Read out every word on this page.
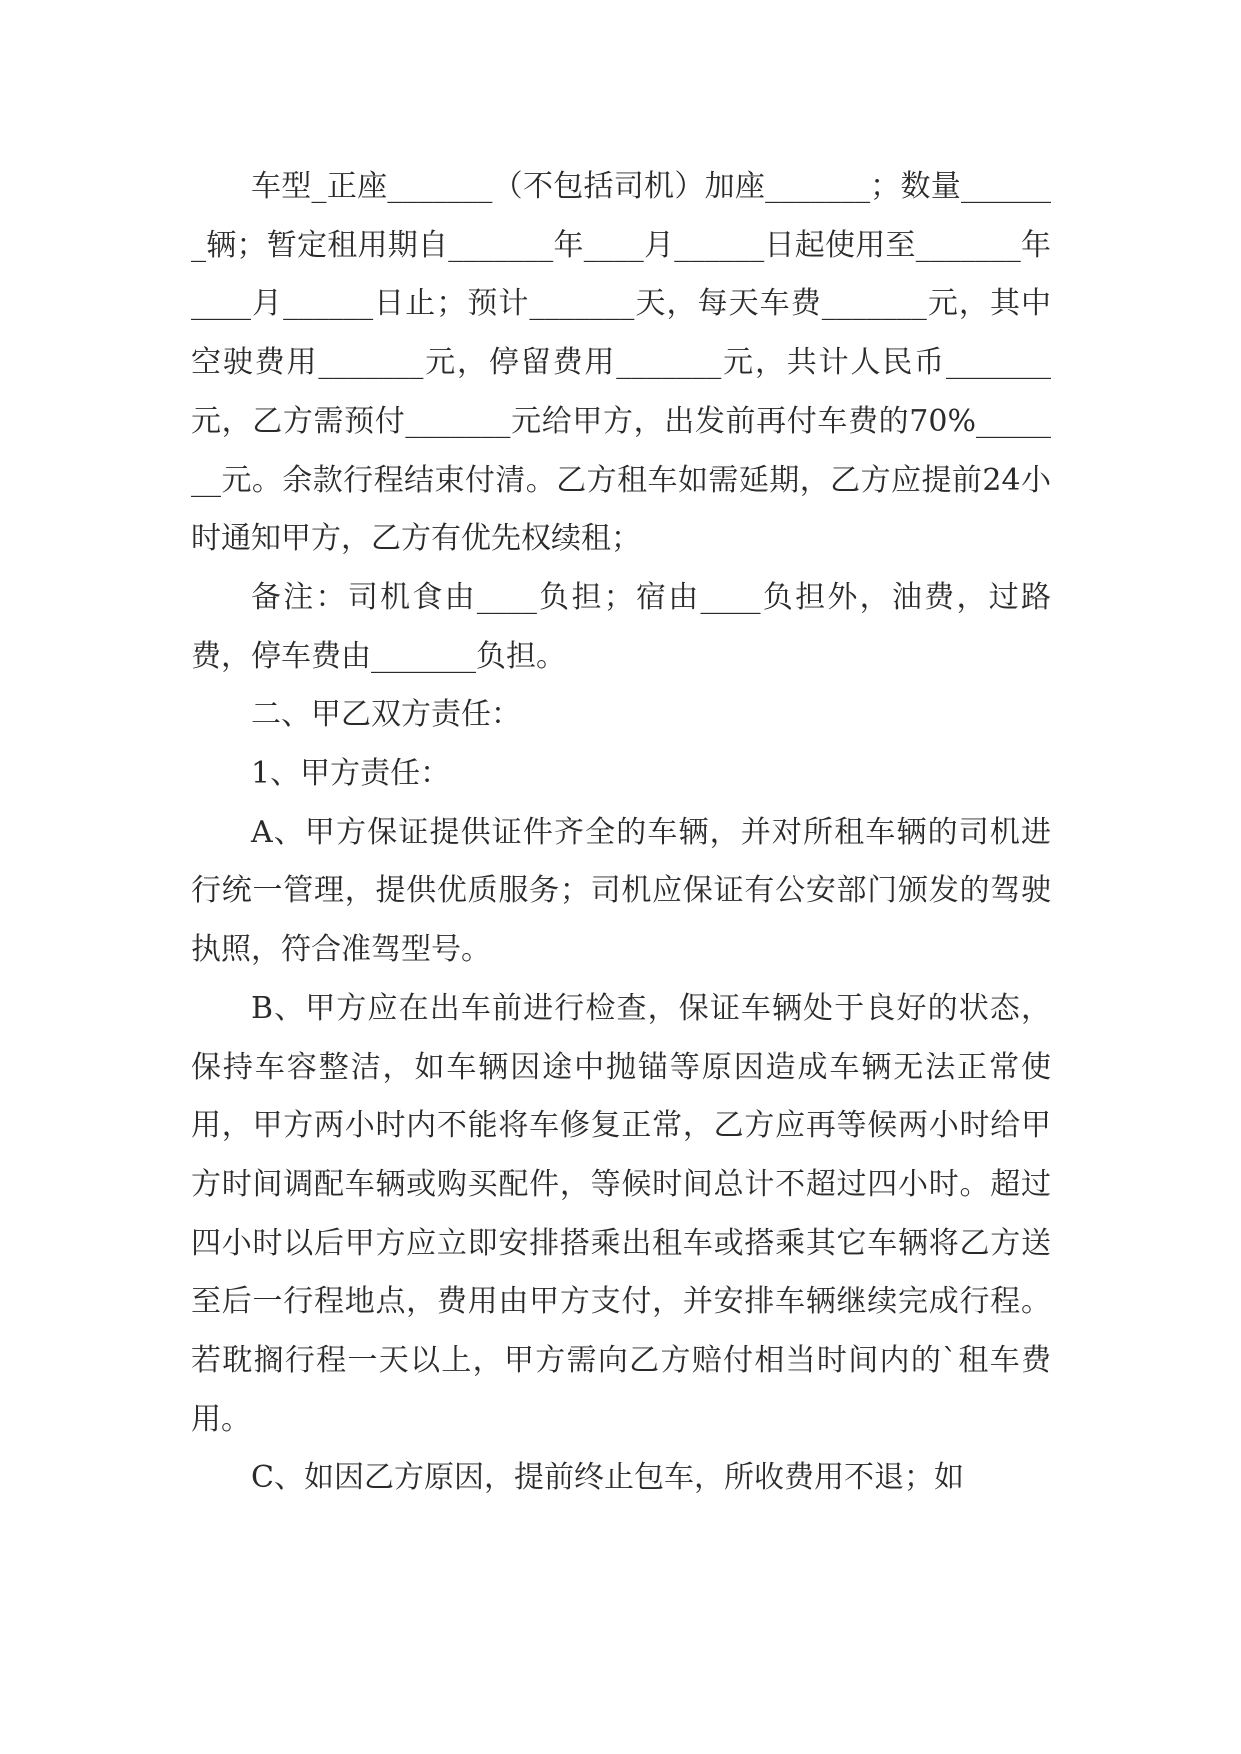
车型_正座_______（不包括司机）加座_______；数量_______辆；暂定租用期自_______年____月______日起使用至_______年____月______日止；预计_______天，每天车费_______元，其中空驶费用_______元，停留费用_______元，共计人民币_______元，乙方需预付_______元给甲方，出发前再付车费的70%_______元。余款行程结束付清。乙方租车如需延期，乙方应提前24小时通知甲方，乙方有优先权续租；

备注：司机食由____负担；宿由____负担外，油费，过路费，停车费由_______负担。

二、甲乙双方责任：

1、甲方责任：

A、甲方保证提供证件齐全的车辆，并对所租车辆的司机进行统一管理，提供优质服务；司机应保证有公安部门颁发的驾驶执照，符合准驾型号。

B、甲方应在出车前进行检查，保证车辆处于良好的状态，保持车容整洁，如车辆因途中抛锚等原因造成车辆无法正常使用，甲方两小时内不能将车修复正常，乙方应再等候两小时给甲方时间调配车辆或购买配件，等候时间总计不超过四小时。超过四小时以后甲方应立即安排搭乘出租车或搭乘其它车辆将乙方送至后一行程地点，费用由甲方支付，并安排车辆继续完成行程。若耽搁行程一天以上，甲方需向乙方赔付相当时间内的`租车费用。

C、如因乙方原因，提前终止包车，所收费用不退；如
